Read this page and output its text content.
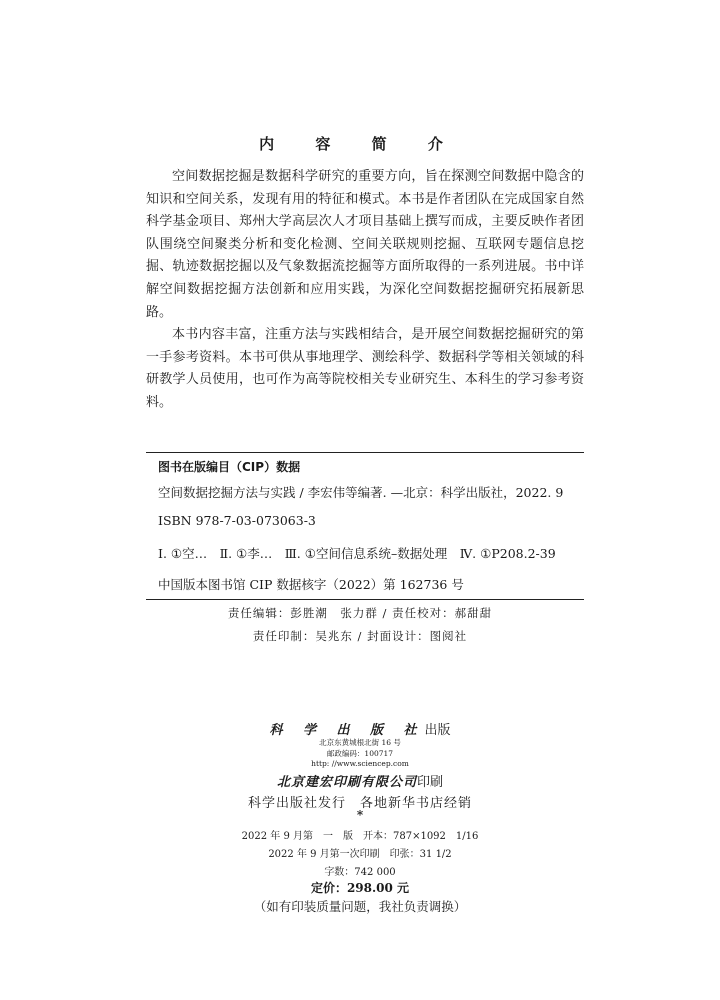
内 容 简 介

空间数据挖掘是数据科学研究的重要方向，旨在探测空间数据中隐含的知识和空间关系，发现有用的特征和模式。本书是作者团队在完成国家自然科学基金项目、郑州大学高层次人才项目基础上撰写而成，主要反映作者团队围绕空间聚类分析和变化检测、空间关联规则挖掘、互联网专题信息挖掘、轨迹数据挖掘以及气象数据流挖掘等方面所取得的一系列进展。书中详解空间数据挖掘方法创新和应用实践，为深化空间数据挖掘研究拓展新思路。

本书内容丰富，注重方法与实践相结合，是开展空间数据挖掘研究的第一手参考资料。本书可供从事地理学、测绘科学、数据科学等相关领域的科研教学人员使用，也可作为高等院校相关专业研究生、本科生的学习参考资料。

图书在版编目（CIP）数据
空间数据挖掘方法与实践 / 李宏伟等编著. —北京：科学出版社，2022. 9
ISBN 978-7-03-073063-3
Ⅰ. ①空…　Ⅱ. ①李…　Ⅲ. ①空间信息系统–数据处理　Ⅳ. ①P208.2-39
中国版本图书馆 CIP 数据核字（2022）第 162736 号
责任编辑：彭胜潮　张力群 / 责任校对：郝甜甜
责任印制：吴兆东 / 封面设计：图阅社
科 学 出 版 社出版
北京东黄城根北街 16 号
邮政编码：100717
http: //www.sciencep.com
北京建宏印刷有限公司印刷
科学出版社发行　各地新华书店经销
*
2022 年 9 月第　一　版　开本：787×1092　1/16
2022 年 9 月第一次印刷　印张：31 1/2
字数：742 000
定价：298.00 元
（如有印装质量问题，我社负责调换）
